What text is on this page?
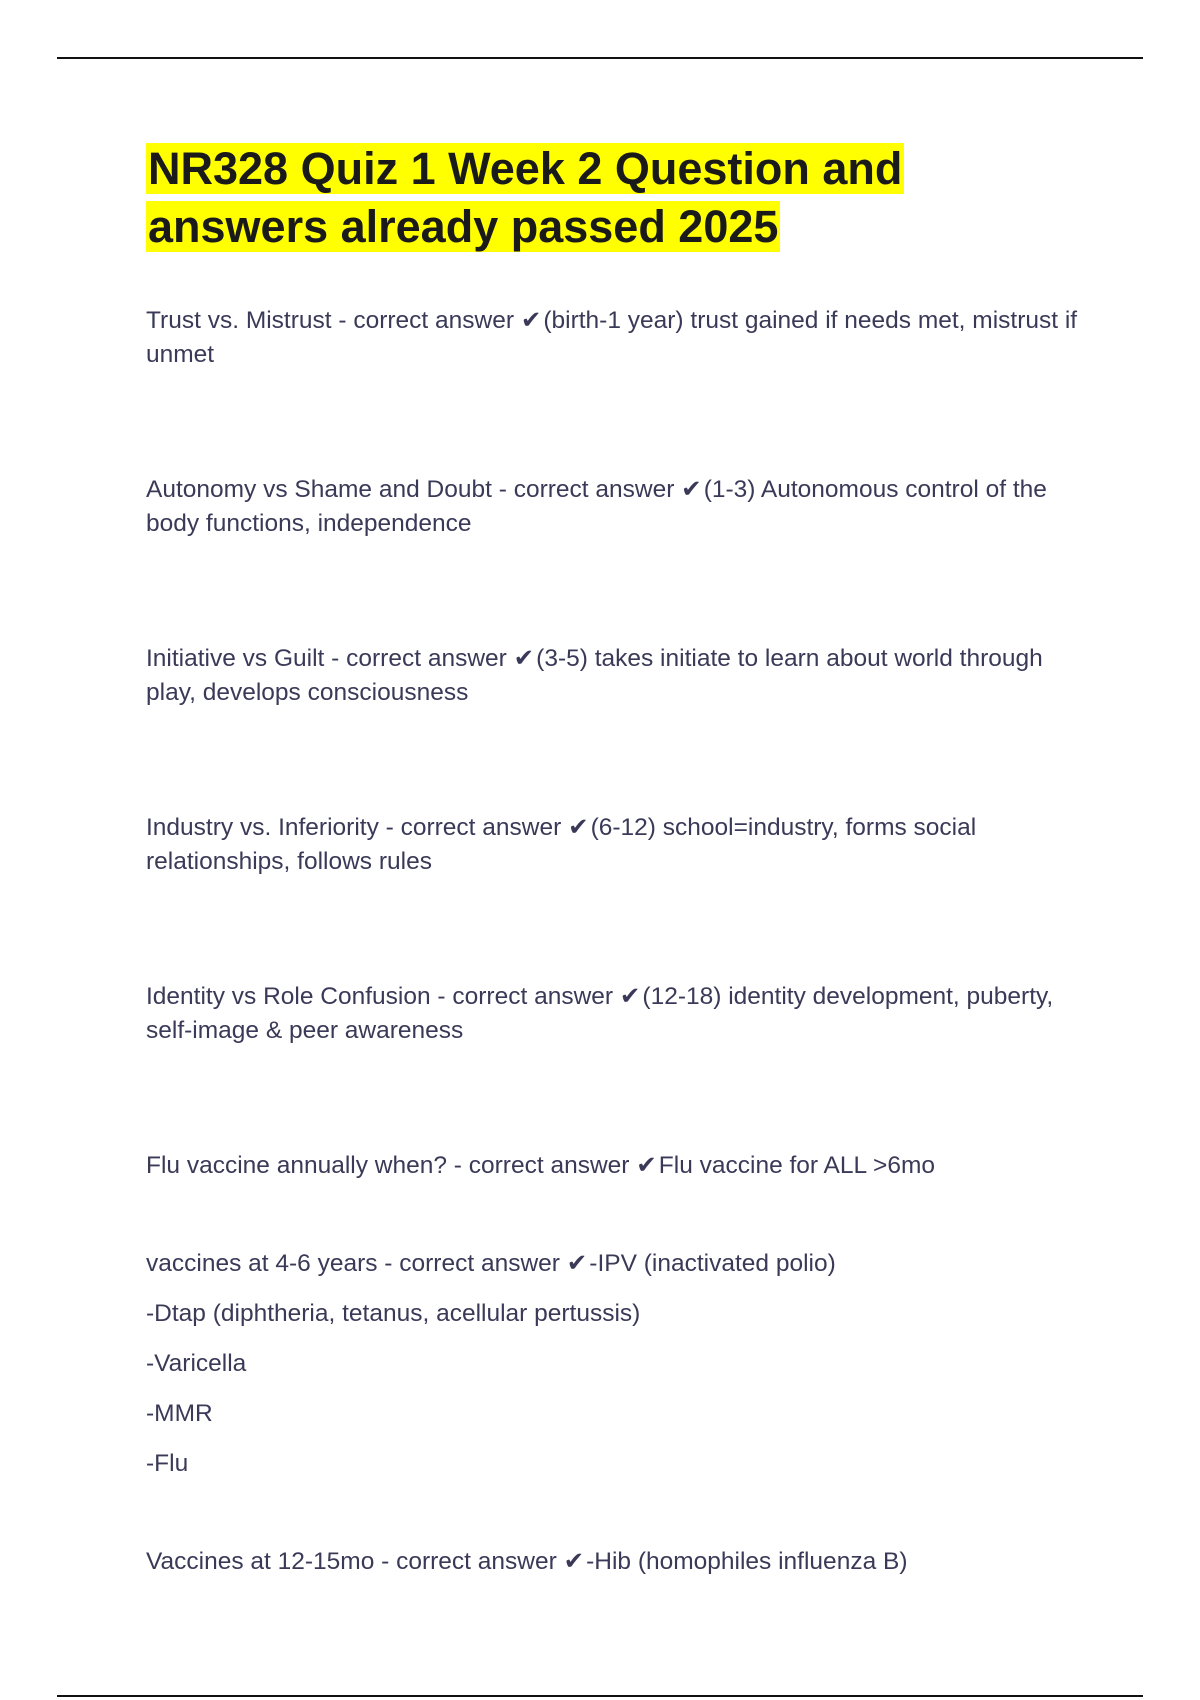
NR328 Quiz 1 Week 2 Question and
answers already passed 2025

Trust vs. Mistrust - correct answer ✔(birth-1 year) trust gained if needs met, mistrust if unmet

Autonomy vs Shame and Doubt - correct answer ✔(1-3) Autonomous control of the body functions, independence

Initiative vs Guilt - correct answer ✔(3-5) takes initiate to learn about world through play, develops consciousness

Industry vs. Inferiority - correct answer ✔(6-12) school=industry, forms social relationships, follows rules

Identity vs Role Confusion - correct answer ✔(12-18) identity development, puberty, self-image & peer awareness

Flu vaccine annually when? - correct answer ✔Flu vaccine for ALL >6mo

vaccines at 4-6 years - correct answer ✔-IPV (inactivated polio)
-Dtap (diphtheria, tetanus, acellular pertussis)
-Varicella
-MMR
-Flu

Vaccines at 12-15mo - correct answer ✔-Hib (homophiles influenza B)
